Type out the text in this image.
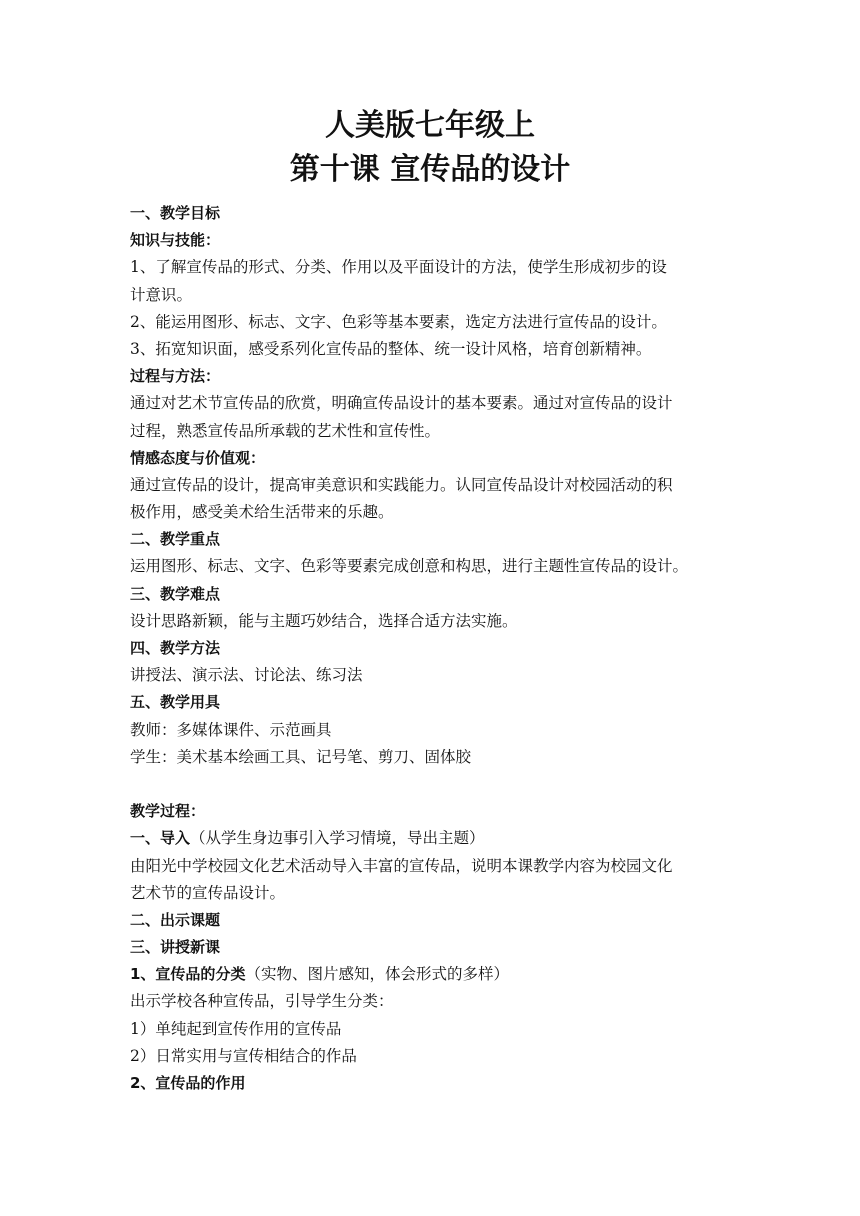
人美版七年级上
第十课 宣传品的设计
一、教学目标
知识与技能：
1、了解宣传品的形式、分类、作用以及平面设计的方法，使学生形成初步的设
计意识。
2、能运用图形、标志、文字、色彩等基本要素，选定方法进行宣传品的设计。
3、拓宽知识面，感受系列化宣传品的整体、统一设计风格，培育创新精神。
过程与方法：
通过对艺术节宣传品的欣赏，明确宣传品设计的基本要素。通过对宣传品的设计
过程，熟悉宣传品所承载的艺术性和宣传性。
情感态度与价值观：
通过宣传品的设计，提高审美意识和实践能力。认同宣传品设计对校园活动的积
极作用，感受美术给生活带来的乐趣。
二、教学重点
运用图形、标志、文字、色彩等要素完成创意和构思，进行主题性宣传品的设计。
三、教学难点
设计思路新颖，能与主题巧妙结合，选择合适方法实施。
四、教学方法
讲授法、演示法、讨论法、练习法
五、教学用具
教师：多媒体课件、示范画具
学生：美术基本绘画工具、记号笔、剪刀、固体胶
教学过程：
一、导入（从学生身边事引入学习情境，导出主题）
由阳光中学校园文化艺术活动导入丰富的宣传品，说明本课教学内容为校园文化
艺术节的宣传品设计。
二、出示课题
三、讲授新课
1、宣传品的分类（实物、图片感知，体会形式的多样）
出示学校各种宣传品，引导学生分类：
1）单纯起到宣传作用的宣传品
2）日常实用与宣传相结合的作品
2、宣传品的作用
